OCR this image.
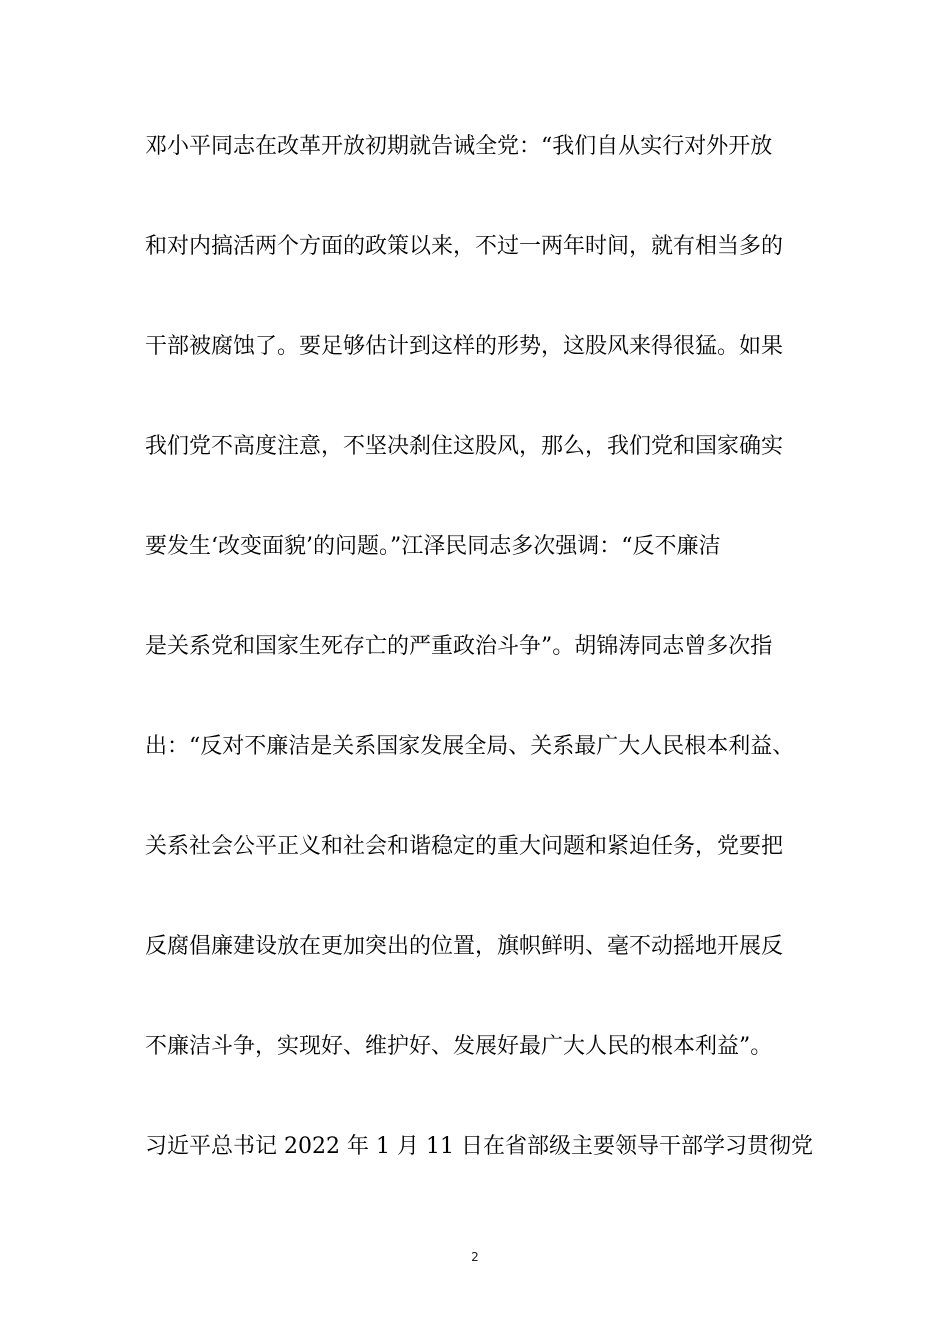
邓小平同志在改革开放初期就告诫全党：“我们自从实行对外开放
和对内搞活两个方面的政策以来，不过一两年时间，就有相当多的
干部被腐蚀了。要足够估计到这样的形势，这股风来得很猛。如果
我们党不高度注意，不坚决刹住这股风，那么，我们党和国家确实
要发生‘改变面貌’的问题。”江泽民同志多次强调：“反不廉洁
是关系党和国家生死存亡的严重政治斗争”。胡锦涛同志曾多次指
出：“反对不廉洁是关系国家发展全局、关系最广大人民根本利益、
关系社会公平正义和社会和谐稳定的重大问题和紧迫任务，党要把
反腐倡廉建设放在更加突出的位置，旗帜鲜明、毫不动摇地开展反
不廉洁斗争，实现好、维护好、发展好最广大人民的根本利益”。
习近平总书记 2022 年 1 月 11 日在省部级主要领导干部学习贯彻党
2
